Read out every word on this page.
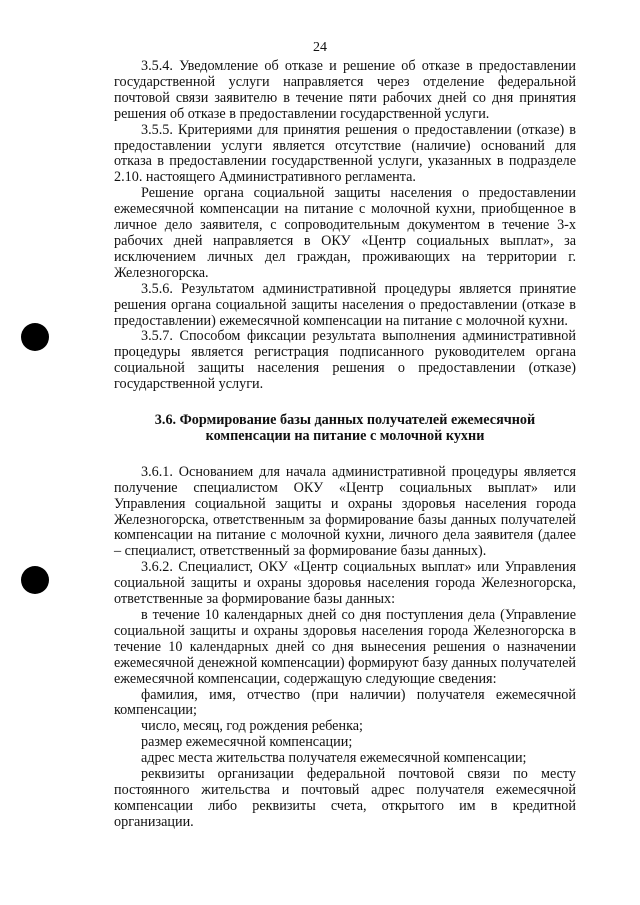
24

3.5.4. Уведомление об отказе и решение об отказе в предоставлении государственной услуги направляется через отделение федеральной почтовой связи заявителю в течение пяти рабочих дней со дня принятия решения об отказе в предоставлении государственной услуги.

3.5.5. Критериями для принятия решения о предоставлении (отказе) в предоставлении услуги является отсутствие (наличие) оснований для отказа в предоставлении государственной услуги, указанных в подразделе 2.10. настоящего Административного регламента.

Решение органа социальной защиты населения о предоставлении ежемесячной компенсации на питание с молочной кухни, приобщенное в личное дело заявителя, с сопроводительным документом в течение 3-х рабочих дней направляется в ОКУ «Центр социальных выплат», за исключением личных дел граждан, проживающих на территории г. Железногорска.

3.5.6. Результатом административной процедуры является принятие решения органа социальной защиты населения о предоставлении (отказе в предоставлении) ежемесячной компенсации на питание с молочной кухни.

3.5.7. Способом фиксации результата выполнения административной процедуры является регистрация подписанного руководителем органа социальной защиты населения решения о предоставлении (отказе) государственной услуги.

3.6. Формирование базы данных получателей ежемесячной компенсации на питание с молочной кухни

3.6.1. Основанием для начала административной процедуры является получение специалистом ОКУ «Центр социальных выплат» или Управления социальной защиты и охраны здоровья населения города Железногорска, ответственным за формирование базы данных получателей компенсации на питание с молочной кухни, личного дела заявителя (далее – специалист, ответственный за формирование базы данных).

3.6.2. Специалист, ОКУ «Центр социальных выплат» или Управления социальной защиты и охраны здоровья населения города Железногорска, ответственные за формирование базы данных:

в течение 10 календарных дней со дня поступления дела (Управление социальной защиты и охраны здоровья населения города Железногорска в течение 10 календарных дней со дня вынесения решения о назначении ежемесячной денежной компенсации) формируют базу данных получателей ежемесячной компенсации, содержащую следующие сведения:

фамилия, имя, отчество (при наличии) получателя ежемесячной компенсации;

число, месяц, год рождения ребенка;

размер ежемесячной компенсации;

адрес места жительства получателя ежемесячной компенсации;

реквизиты организации федеральной почтовой связи по месту постоянного жительства и почтовый адрес получателя ежемесячной компенсации либо реквизиты счета, открытого им в кредитной организации.
